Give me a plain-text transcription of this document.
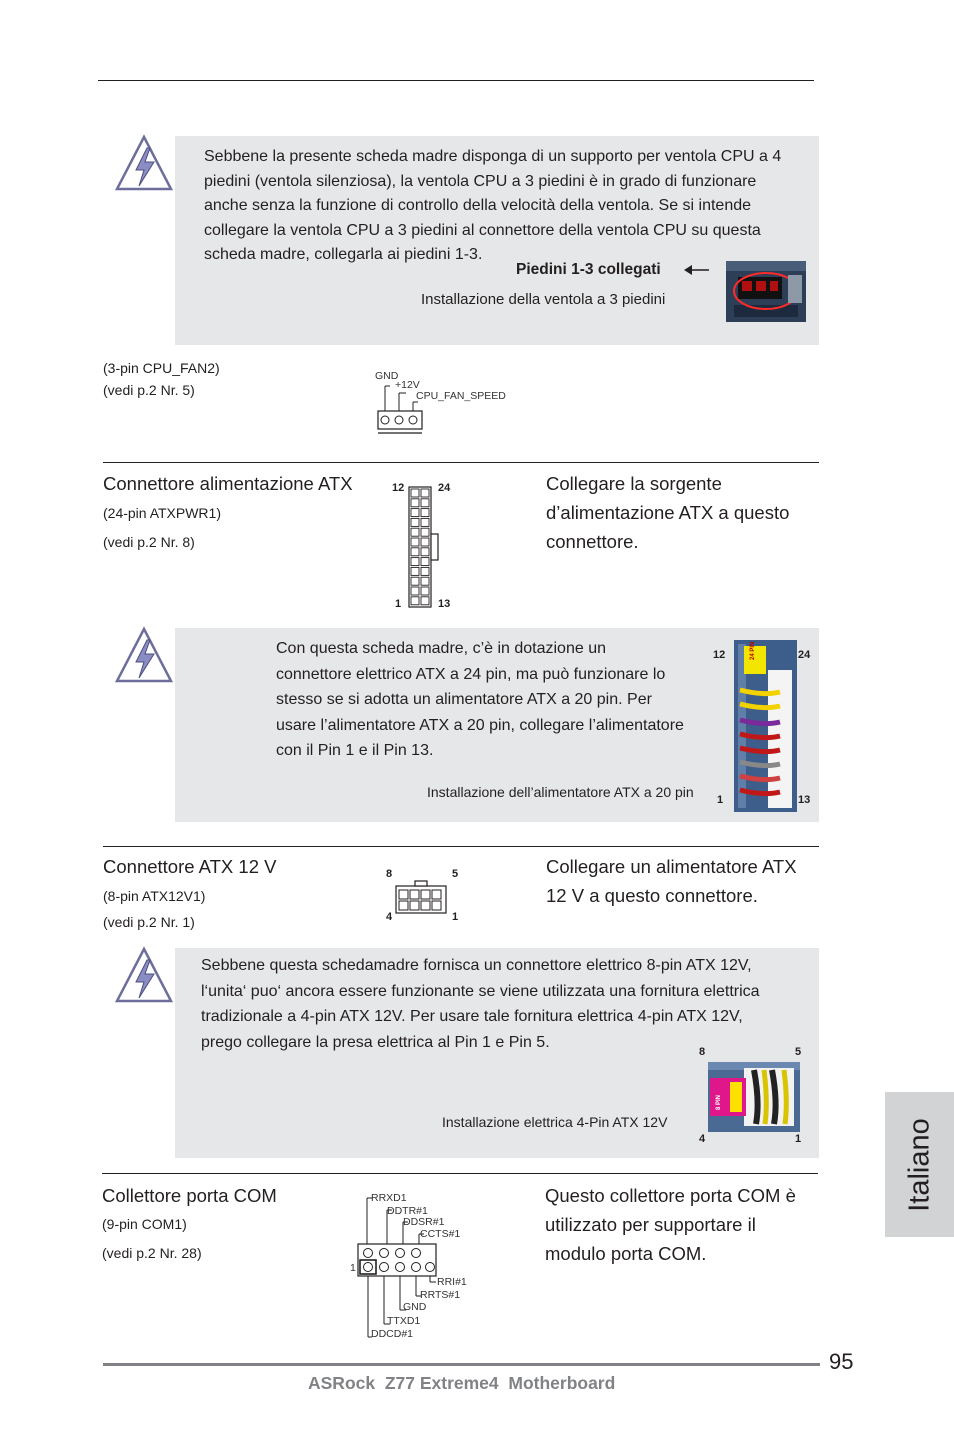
Sebbene la presente scheda madre disponga di un supporto per ventola CPU a 4
piedini (ventola silenziosa), la ventola CPU a 3 piedini è in grado di funzionare
anche senza la funzione di controllo della velocità della ventola. Se si intende
collegare la ventola CPU a 3 piedini al connettore della ventola CPU su questa
scheda madre, collegarla ai piedini 1-3.
Piedini 1-3 collegati
Installazione della ventola a 3 piedini
(3-pin CPU_FAN2)
(vedi p.2 Nr. 5)
GND
+12V
CPU_FAN_SPEED
Connettore alimentazione ATX
(24-pin ATXPWR1)
(vedi p.2 Nr. 8)
Collegare la sorgente
d’alimentazione ATX a questo
connettore.
12	24
1	13
Con questa scheda madre, c’è in dotazione un
connettore elettrico ATX a 24 pin, ma può funzionare lo
stesso se si adotta un alimentatore ATX a 20 pin. Per
usare l’alimentatore ATX a 20 pin, collegare l’alimentatore
con il Pin 1 e il Pin 13.
Installazione dell’alimentatore ATX a 20 pin
12	24
1	13
24 PIN
Connettore ATX 12 V
(8-pin ATX12V1)
(vedi p.2 Nr. 1)
Collegare un alimentatore ATX
12 V a questo connettore.
8	5
4	1
Sebbene questa schedamadre fornisca un connettore elettrico 8-pin ATX 12V,
l‘unita‘ puo‘ ancora essere funzionante se viene utilizzata una fornitura elettrica
tradizionale a 4-pin ATX 12V. Per usare tale fornitura elettrica 4-pin ATX 12V,
prego collegare la presa elettrica al Pin 1 e Pin 5.
Installazione elettrica 4-Pin ATX 12V
8	5
4	1
8 PIN
Collettore porta COM
(9-pin COM1)
(vedi p.2 Nr. 28)
Questo collettore porta COM è
utilizzato per supportare il
modulo porta COM.
1
RRXD1
DDTR#1
DDSR#1
CCTS#1
RRI#1
RRTS#1
GND
TTXD1
DDCD#1
Italiano
95
ASRock  Z77 Extreme4  Motherboard
